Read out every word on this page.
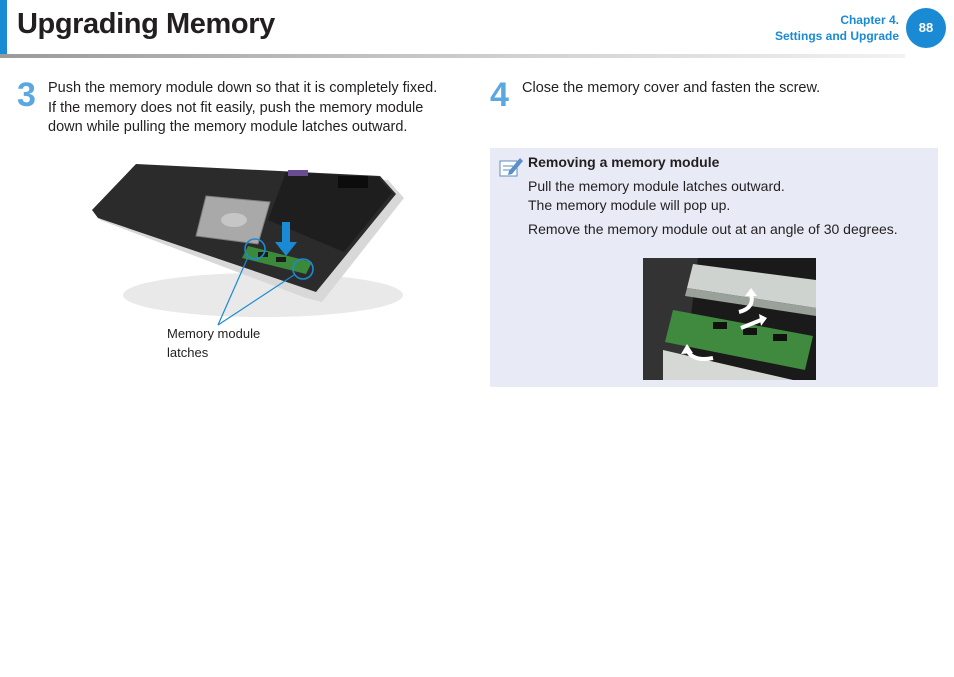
Upgrading Memory	Chapter 4.
Settings and Upgrade
88
3 Push the memory module down so that it is completely fixed.
If the memory does not fit easily, push the memory module
down while pulling the memory module latches outward.
Memory module
latches
4 Close the memory cover and fasten the screw.
Removing a memory module
Pull the memory module latches outward.
The memory module will pop up.
Remove the memory module out at an angle of 30 degrees.
